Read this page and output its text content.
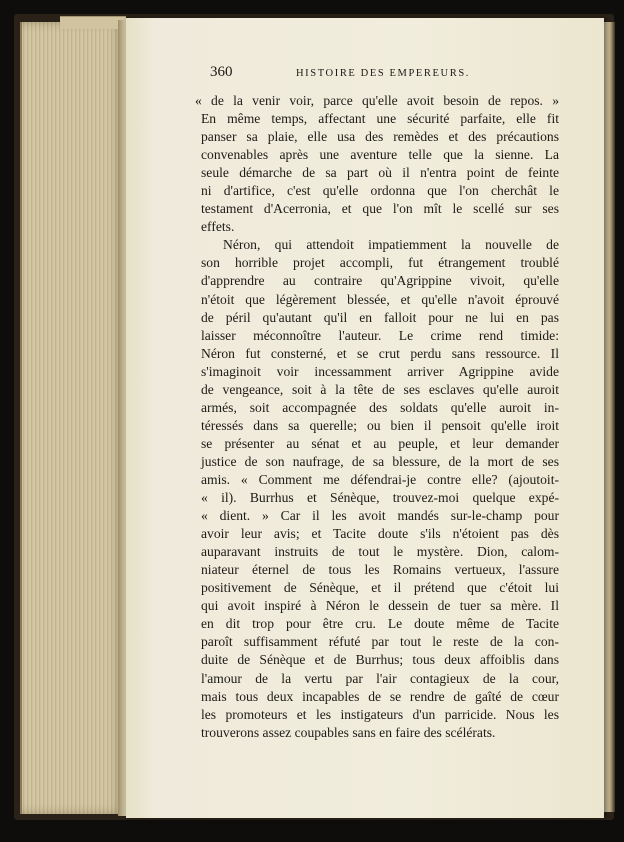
360	HISTOIRE DES EMPEREURS.
« de la venir voir, parce qu'elle avoit besoin de repos. »
En même temps, affectant une sécurité parfaite, elle fit
panser sa plaie, elle usa des remèdes et des précautions
convenables après une aventure telle que la sienne. La
seule démarche de sa part où il n'entra point de feinte
ni d'artifice, c'est qu'elle ordonna que l'on cherchât le
testament d'Acerronia, et que l'on mît le scellé sur ses
effets.
Néron, qui attendoit impatiemment la nouvelle de
son horrible projet accompli, fut étrangement troublé
d'apprendre au contraire qu'Agrippine vivoit, qu'elle
n'étoit que légèrement blessée, et qu'elle n'avoit éprouvé
de péril qu'autant qu'il en falloit pour ne lui en pas
laisser méconnoître l'auteur. Le crime rend timide:
Néron fut consterné, et se crut perdu sans ressource. Il
s'imaginoit voir incessamment arriver Agrippine avide
de vengeance, soit à la tête de ses esclaves qu'elle auroit
armés, soit accompagnée des soldats qu'elle auroit in-
téressés dans sa querelle; ou bien il pensoit qu'elle iroit
se présenter au sénat et au peuple, et leur demander
justice de son naufrage, de sa blessure, de la mort de ses
amis. « Comment me défendrai-je contre elle? (ajoutoit-
« il). Burrhus et Sénèque, trouvez-moi quelque expé-
« dient. » Car il les avoit mandés sur-le-champ pour
avoir leur avis; et Tacite doute s'ils n'étoient pas dès
auparavant instruits de tout le mystère. Dion, calom-
niateur éternel de tous les Romains vertueux, l'assure
positivement de Sénèque, et il prétend que c'étoit lui
qui avoit inspiré à Néron le dessein de tuer sa mère. Il
en dit trop pour être cru. Le doute même de Tacite
paroît suffisamment réfuté par tout le reste de la con-
duite de Sénèque et de Burrhus; tous deux affoiblis dans
l'amour de la vertu par l'air contagieux de la cour,
mais tous deux incapables de se rendre de gaîté de cœur
les promoteurs et les instigateurs d'un parricide. Nous les
trouverons assez coupables sans en faire des scélérats.
